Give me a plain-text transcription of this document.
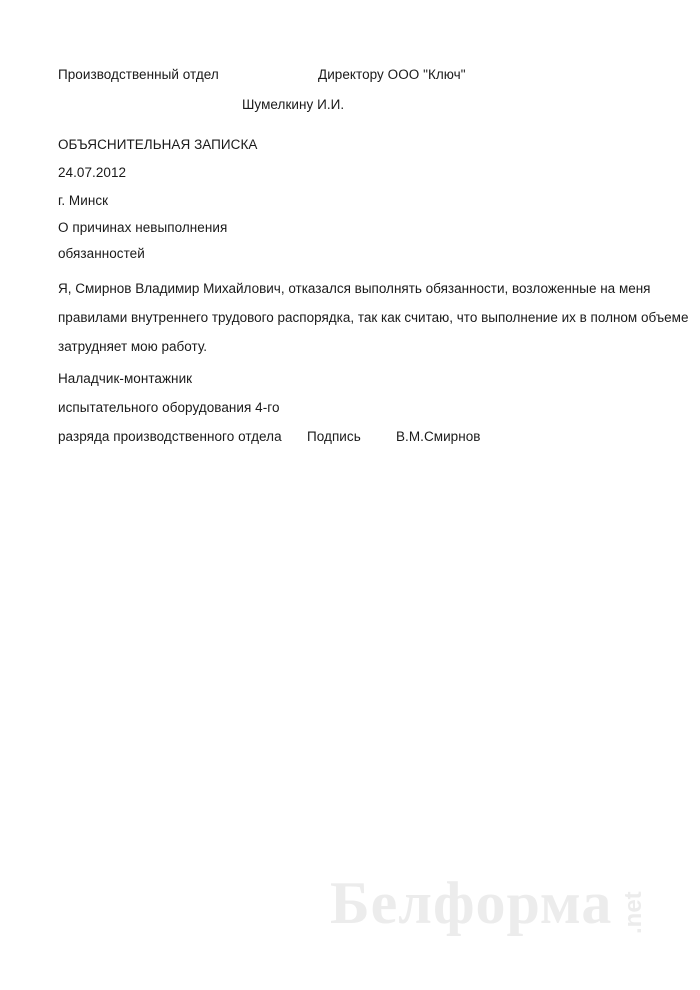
Производственный отдел	Директору ООО "Ключ"
Шумелкину И.И.
ОБЪЯСНИТЕЛЬНАЯ ЗАПИСКА
24.07.2012
г. Минск
О причинах невыполнения
обязанностей
Я, Смирнов Владимир Михайлович, отказался выполнять обязанности, возложенные на меня
правилами внутреннего трудового распорядка, так как считаю, что выполнение их в полном объеме
затрудняет мою работу.
Наладчик-монтажник
испытательного оборудования 4-го
разряда производственного отдела Подпись	В.М.Смирнов
Белформа .net
